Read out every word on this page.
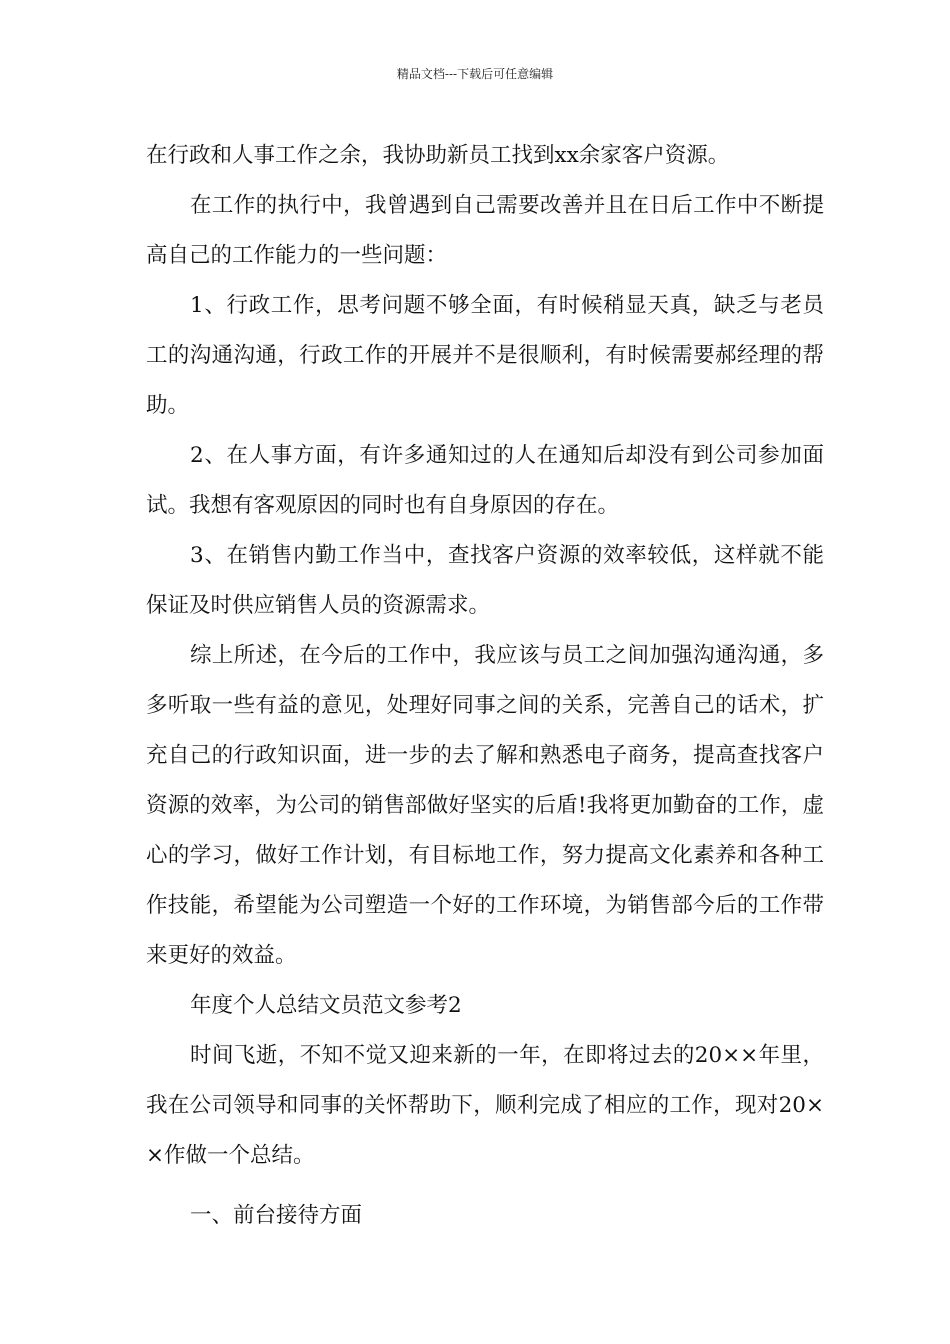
精品文档---下载后可任意编辑

在行政和人事工作之余，我协助新员工找到xx余家客户资源。

在工作的执行中，我曾遇到自己需要改善并且在日后工作中不断提高自己的工作能力的一些问题：

1、行政工作，思考问题不够全面，有时候稍显天真，缺乏与老员工的沟通沟通，行政工作的开展并不是很顺利，有时候需要郝经理的帮助。

2、在人事方面，有许多通知过的人在通知后却没有到公司参加面试。我想有客观原因的同时也有自身原因的存在。

3、在销售内勤工作当中，查找客户资源的效率较低，这样就不能保证及时供应销售人员的资源需求。

综上所述，在今后的工作中，我应该与员工之间加强沟通沟通，多多听取一些有益的意见，处理好同事之间的关系，完善自己的话术，扩充自己的行政知识面，进一步的去了解和熟悉电子商务，提高查找客户资源的效率，为公司的销售部做好坚实的后盾!我将更加勤奋的工作，虚心的学习，做好工作计划，有目标地工作，努力提高文化素养和各种工作技能，希望能为公司塑造一个好的工作环境，为销售部今后的工作带来更好的效益。

年度个人总结文员范文参考2

时间飞逝，不知不觉又迎来新的一年，在即将过去的20××年里，我在公司领导和同事的关怀帮助下，顺利完成了相应的工作，现对20××作做一个总结。

一、前台接待方面
